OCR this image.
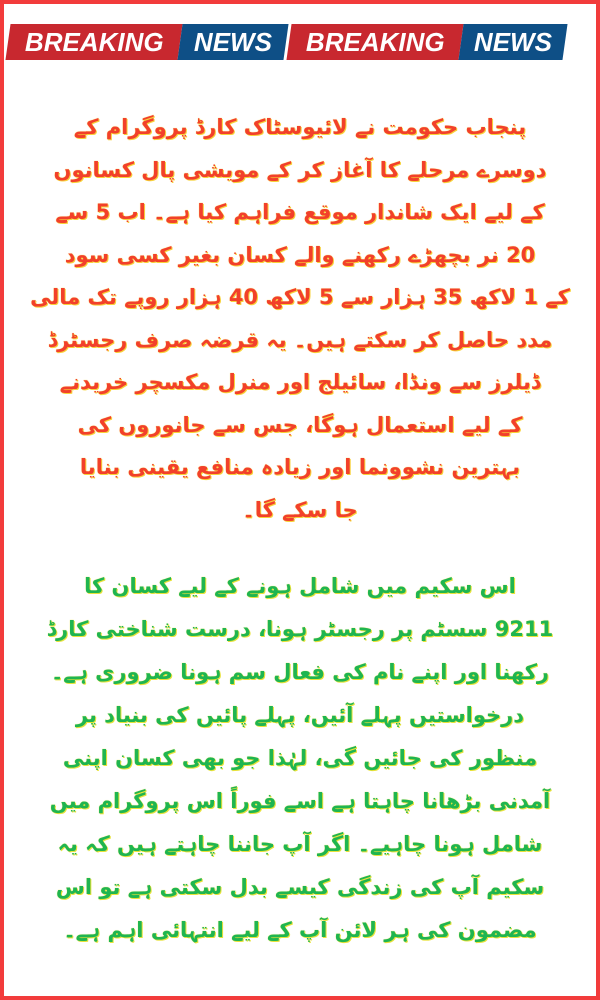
BREAKING NEWS BREAKING NEWS
پنجاب حکومت نے لائیوسٹاک کارڈ پروگرام کے
دوسرے مرحلے کا آغاز کر کے مویشی پال کسانوں
کے لیے ایک شاندار موقع فراہم کیا ہے۔ اب 5 سے
20 نر بچھڑے رکھنے والے کسان بغیر کسی سود
کے 1 لاکھ 35 ہزار سے 5 لاکھ 40 ہزار روپے تک مالی
مدد حاصل کر سکتے ہیں۔ یہ قرضہ صرف رجسٹرڈ
ڈیلرز سے ونڈا، سائیلج اور منرل مکسچر خریدنے
کے لیے استعمال ہوگا، جس سے جانوروں کی
بہترین نشوونما اور زیادہ منافع یقینی بنایا
جا سکے گا۔
اس سکیم میں شامل ہونے کے لیے کسان کا
9211 سسٹم پر رجسٹر ہونا، درست شناختی کارڈ
رکھنا اور اپنے نام کی فعال سم ہونا ضروری ہے۔
درخواستیں پہلے آئیں، پہلے پائیں کی بنیاد پر
منظور کی جائیں گی، لہٰذا جو بھی کسان اپنی
آمدنی بڑھانا چاہتا ہے اسے فوراً اس پروگرام میں
شامل ہونا چاہیے۔ اگر آپ جاننا چاہتے ہیں کہ یہ
سکیم آپ کی زندگی کیسے بدل سکتی ہے تو اس
مضمون کی ہر لائن آپ کے لیے انتہائی اہم ہے۔
